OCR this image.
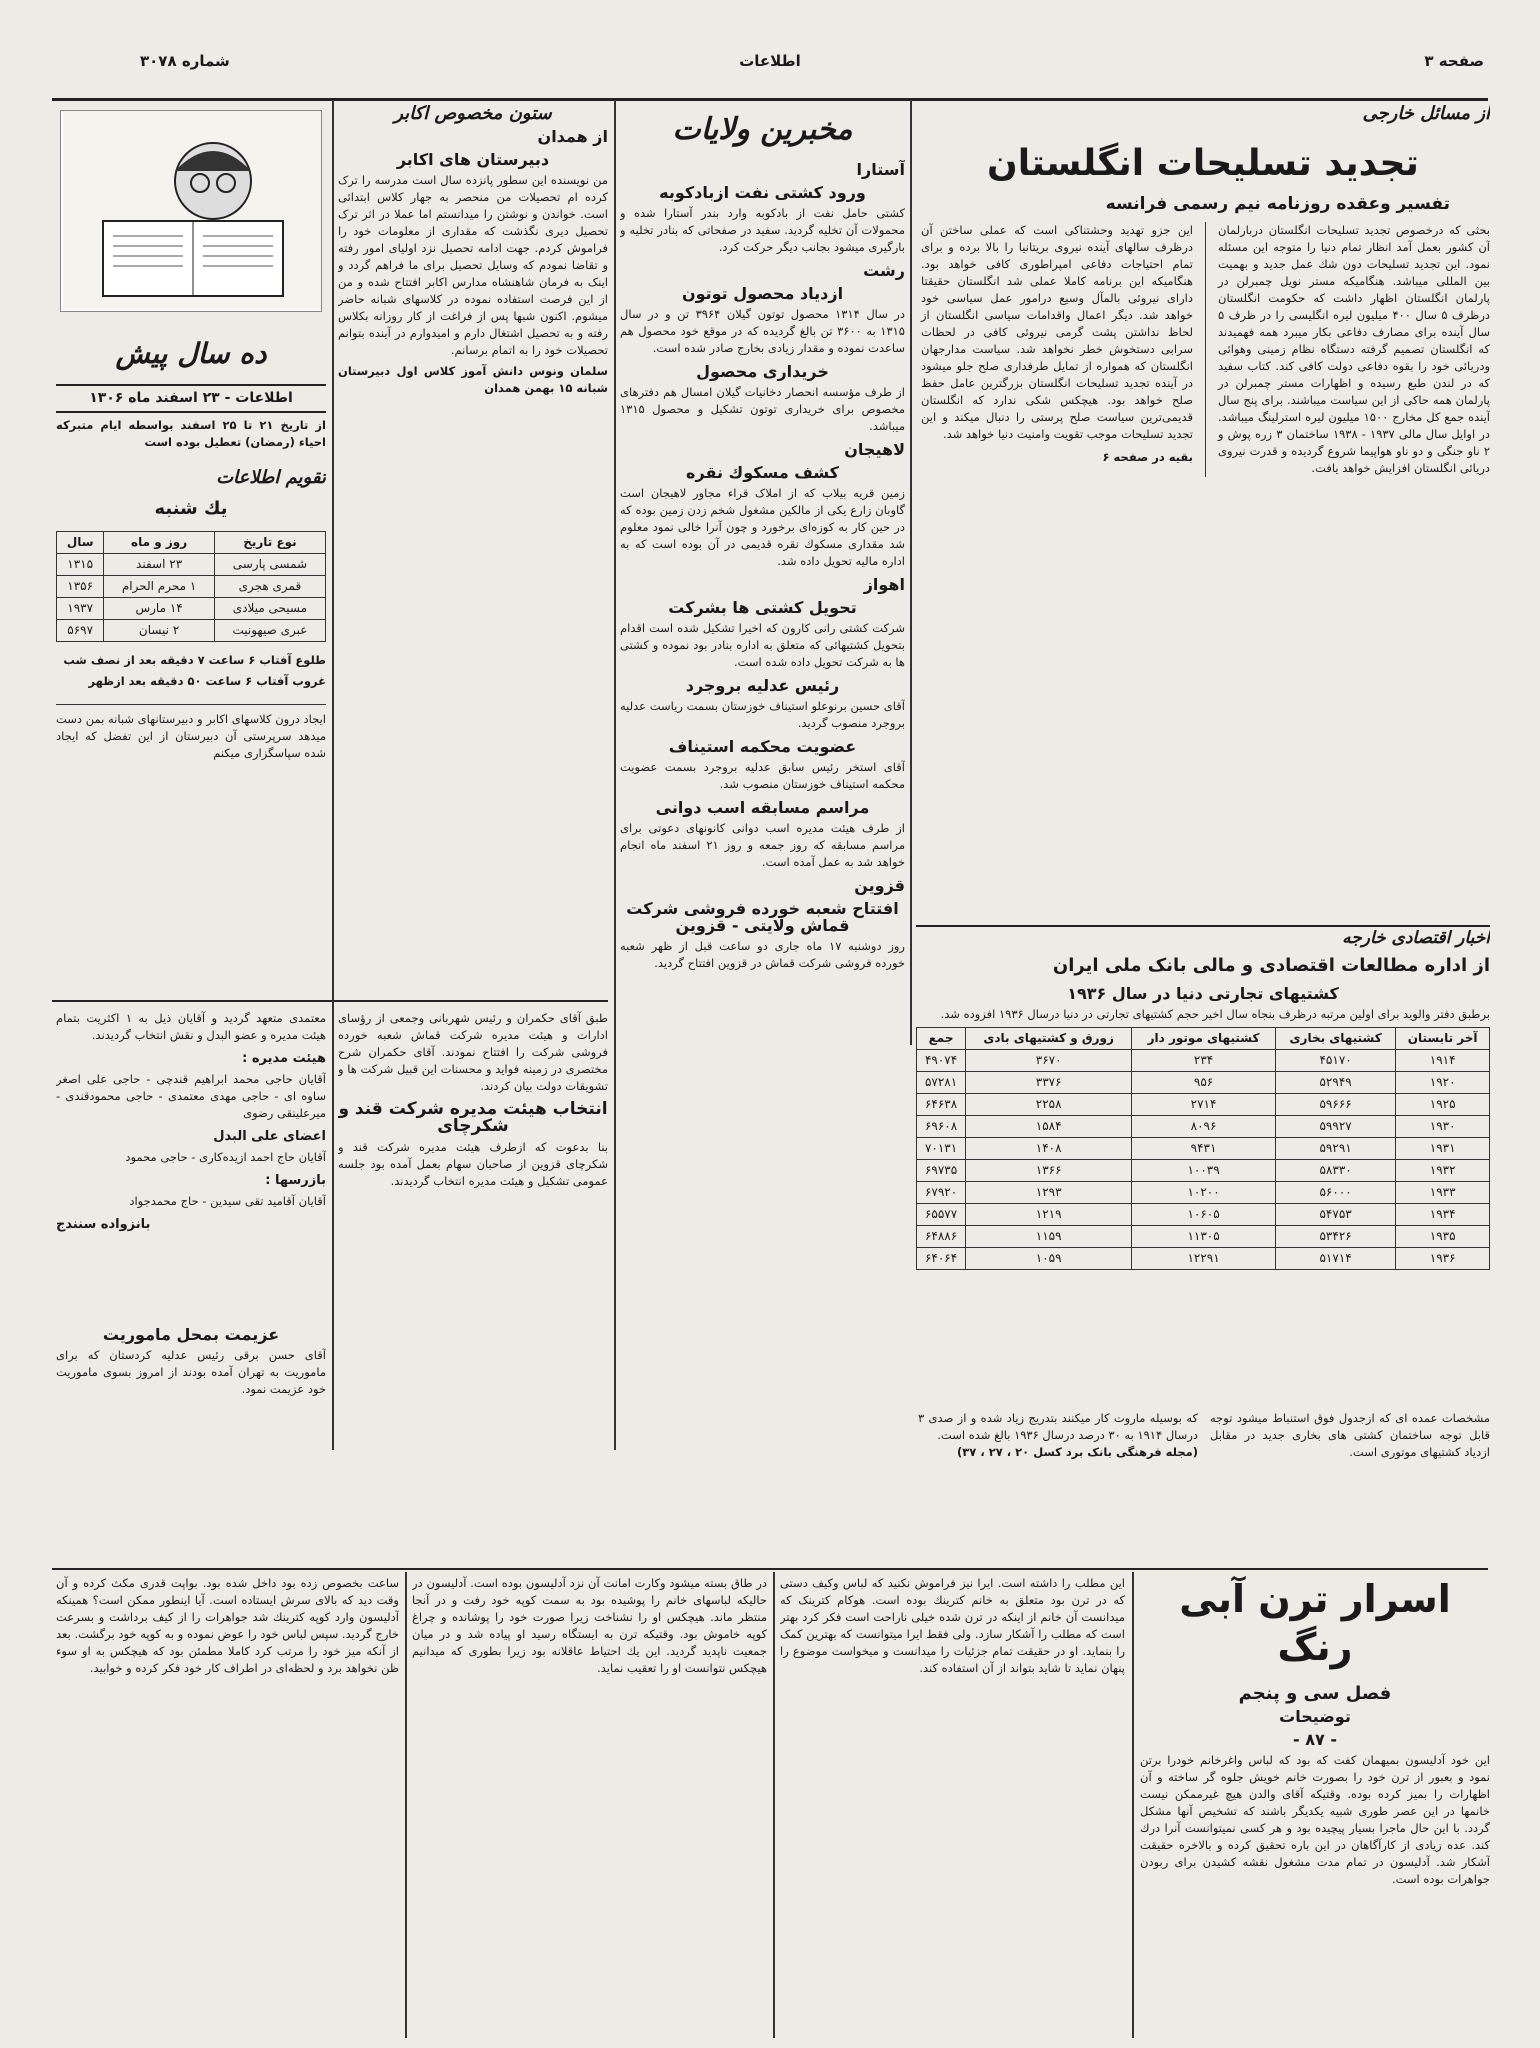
صفحه ۳
اطلاعات
شماره ۳۰۷۸
از مسائل خارجی
تجدید تسلیحات انگلستان
تفسیر وعقده روزنامه نیم رسمی فرانسه
بحثی که درخصوص تجدید تسلیحات انگلستان دربارلمان آن کشور بعمل آمد انظار تمام دنیا را متوجه این مسئله نمود. این تجدید تسلیحات دون شك عمل جدید و بهمیت بین المللی میباشد. هنگامیکه مستر نویل چمبرلن در پارلمان انگلستان اظهار داشت که حکومت انگلستان درظرف ۵ سال ۴۰۰ میلیون لیره انگلیسی را در ظرف ۵ سال آینده برای مصارف دفاعی بکار میبرد همه فهمیدند که انگلستان تصمیم گرفته دستگاه نظام زمینی وهوائی ودریائی خود را بقوه دفاعی دولت کافی کند. کتاب سفید که در لندن طبع رسیده و اظهارات مستر چمبرلن در پارلمان همه حاکی از این سیاست میباشند. برای پنج سال آینده جمع کل مخارج ۱۵۰۰ میلیون لیره استرلینگ میباشد. در اوایل سال مالی ۱۹۳۷ - ۱۹۳۸ ساختمان ۳ زره پوش و ۲ ناو جنگی و دو ناو هواپیما شروع گردیده و قدرت نیروی دریائی انگلستان افزایش خواهد یافت.
این جزو تهدید وحشتناکی است که عملی ساختن آن درظرف سالهای آینده نیروی بریتانیا را بالا برده و برای تمام احتیاجات دفاعی امپراطوری کافی خواهد بود. هنگامیکه این برنامه کاملا عملی شد انگلستان حقیقتا دارای نیروئی بالمآل وسیع درامور عمل سیاسی خود خواهد شد. دیگر اعمال واقدامات سیاسی انگلستان از لحاظ نداشتن پشت گرمی نیروئی کافی در لحظات سرابی دستخوش خطر نخواهد شد. سیاست مدارجهان انگلستان که همواره از تمایل طرفداری صلح جلو میشود در آینده تجدید تسلیحات انگلستان بزرگترین عامل حفظ صلح خواهد بود. هیچکس شکی ندارد که انگلستان قدیمی‌ترین سیاست صلح پرستی را دنبال میکند و این تجدید تسلیحات موجب تقویت وامنیت دنیا خواهد شد.
بقیه در صفحه ۶
مخبرین ولایات
آستارا
ورود کشتی نفت ازبادکوبه
کشتی حامل نفت از بادکوبه وارد بندر آستارا شده و محمولات آن تخلیه گردید. سفید در صفحاتی که بنادر تخلیه و بارگیری میشود بجانب دیگر حرکت کرد.
رشت
ازدیاد محصول توتون
در سال ۱۳۱۴ محصول توتون گیلان ۳۹۶۴ تن و در سال ۱۳۱۵ به ۳۶۰۰ تن بالغ گردیده که در موقع خود محصول هم ساعدت نموده و مقدار زیادی بخارج صادر شده است.
خریداری محصول
از طرف مؤسسه انحصار دخانیات گیلان امسال هم دفترهای مخصوص برای خریداری توتون تشکیل و محصول ۱۳۱۵ میباشد.
لاهیجان
کشف مسکوك نقره
زمین قریه بیلاب که از املاک قراء مجاور لاهیجان است گاوبان زارع یکی از مالکین مشغول شخم زدن زمین بوده که در حین کار به کوزه‌ای برخورد و چون آنرا خالی نمود معلوم شد مقداری مسکوك نقره قدیمی در آن بوده است که به اداره مالیه تحویل داده شد.
اهواز
تحویل کشتی ها بشرکت
شرکت کشتی رانی کارون که اخیرا تشکیل شده است اقدام بتحویل کشتیهائی که متعلق به اداره بنادر بود نموده و کشتی ها به شرکت تحویل داده شده است.
رئیس عدلیه بروجرد
آقای حسین برنوعلو استیناف خوزستان بسمت ریاست عدلیه بروجرد منصوب گردید.
عضویت محکمه استیناف
آقای استخر رئیس سابق عدلیه بروجرد بسمت عضویت محکمه استیناف خوزستان منصوب شد.
مراسم مسابقه اسب دوانی
از طرف هیئت مدیره اسب دوانی کانونهای دعوتی برای مراسم مسابقه که روز جمعه و روز ۲۱ اسفند ماه انجام خواهد شد به عمل آمده است.
قزوین
افتتاح شعبه خورده فروشی شرکت قماش ولایتی - قزوین
روز دوشنبه ۱۷ ماه جاری دو ساعت قبل از ظهر شعبه خورده فروشی شرکت قماش در قزوین افتتاح گردید.
ستون مخصوص اکابر
از همدان
دبیرستان های اکابر
من نویسنده این سطور پانزده سال است مدرسه را ترک کرده ام تحصیلات من منحصر به جهار کلاس ابتدائی است. خواندن و نوشتن را میدانستم اما عملا در اثر ترک تحصیل دیری نگذشت که مقداری از معلومات خود را فراموش کردم. جهت ادامه تحصیل نزد اولیای امور رفته و تقاضا نمودم که وسایل تحصیل برای ما فراهم گردد و اینک به فرمان شاهنشاه مدارس اکابر افتتاح شده و من از این فرصت استفاده نموده در کلاسهای شبانه حاضر میشوم. اکنون شبها پس از فراغت از کار روزانه بکلاس رفته و به تحصیل اشتغال دارم و امیدوارم در آینده بتوانم تحصیلات خود را به اتمام برسانم.
سلمان ونوس دانش آموز کلاس اول دبیرستان شبانه ۱۵ بهمن همدان
ده سال پیش
اطلاعات - ۲۳ اسفند ماه ۱۳۰۶
از تاریخ ۲۱ تا ۲۵ اسفند بواسطه ایام متبرکه احیاء (رمضان) تعطیل بوده است
تقویم اطلاعات
یك شنبه
نوع تاریخ	روز و ماه	سال
شمسی پارسی	۲۳ اسفند	۱۳۱۵
قمری هجری	۱ محرم الحرام	۱۳۵۶
مسیحی میلادی	۱۴ مارس	۱۹۳۷
عبری صیهونیت	۲ نیسان	۵۶۹۷
طلوع آفتاب ۶ ساعت ۷ دقیقه بعد از نصف شب
غروب آفتاب ۶ ساعت ۵۰ دقیقه بعد ازظهر
ایجاد درون کلاسهای اکابر و دبیرستانهای شبانه بمن دست میدهد سرپرستی آن دبیرستان از این تفضل که ایجاد شده سپاسگزاری میکنم
معتمدی متعهد گردید و آقایان ذیل به ۱ اکثریت بتمام هیئت مدیره و عضو البدل و نقش انتخاب گردیدند.
هیئت مدیره :
آقایان حاجی محمد ابراهیم قندچی - حاجی علی اصغر ساوه ای - حاجی مهدی معتمدی - حاجی محمودقندی - میرعلینقی رضوی
اعضای علی البدل
آقایان حاج احمد ازیده‌کاری - حاجی محمود
بازرسها :
آقایان آقامید تقی سیدین - حاج محمدجواد
بانزواده سنندج
عزیمت بمحل ماموریت
آقای حسن برقی رئیس عدلیه کردستان که برای ماموریت به تهران آمده بودند از امروز بسوی ماموریت خود عزیمت نمود.
طبق آقای حکمران و رئیس شهربانی وجمعی از رؤسای ادارات و هیئت مدیره شرکت قماش شعبه خورده فروشی شرکت را افتتاح نمودند. آقای حکمران شرح مختصری در زمینه فواید و محسنات این قبیل شرکت ها و تشویقات دولت بیان کردند.
انتخاب هیئت مدیره شرکت قند و شکرچای
بنا بدعوت که ازطرف هیئت مدیره شرکت قند و شکرچای قزوین از صاحبان سهام بعمل آمده بود جلسه عمومی تشکیل و هیئت مدیره انتخاب گردیدند.
اخبار اقتصادی خارجه
از اداره مطالعات اقتصادی و مالی بانک ملی ایران
کشتیهای تجارتی دنیا در سال ۱۹۳۶
برطبق دفتر والوید برای اولین مرتبه درظرف بنجاه سال اخیر حجم کشتیهای تجارتی در دنیا درسال ۱۹۳۶ افزوده شد.
آخر تابستان	کشتیهای بخاری	کشتیهای موتور دار	زورق و کشتیهای بادی	جمع
۱۹۱۴	۴۵۱۷۰	۲۳۴	۳۶۷۰	۴۹۰۷۴
۱۹۲۰	۵۲۹۴۹	۹۵۶	۳۳۷۶	۵۷۲۸۱
۱۹۲۵	۵۹۶۶۶	۲۷۱۴	۲۲۵۸	۶۴۶۳۸
۱۹۳۰	۵۹۹۲۷	۸۰۹۶	۱۵۸۴	۶۹۶۰۸
۱۹۳۱	۵۹۲۹۱	۹۴۳۱	۱۴۰۸	۷۰۱۳۱
۱۹۳۲	۵۸۳۳۰	۱۰۰۳۹	۱۳۶۶	۶۹۷۳۵
۱۹۳۳	۵۶۰۰۰	۱۰۲۰۰	۱۲۹۳	۶۷۹۲۰
۱۹۳۴	۵۴۷۵۳	۱۰۶۰۵	۱۲۱۹	۶۵۵۷۷
۱۹۳۵	۵۳۴۲۶	۱۱۳۰۵	۱۱۵۹	۶۴۸۸۶
۱۹۳۶	۵۱۷۱۴	۱۲۲۹۱	۱۰۵۹	۶۴۰۶۴
مشخصات عمده ای که ازجدول فوق استنباط میشود توجه قابل توجه ساختمان کشتی های بخاری جدید در مقابل ازدیاد کشتیهای موتوری است.
که بوسیله ماروت کار میکنند بتدریج زیاد شده و از صدی ۳ درسال ۱۹۱۴ به ۳۰ درصد درسال ۱۹۳۶ بالغ شده است.
(مجله فرهنگی بانک برد کسل ۲۰ ، ۲۷ ، ۳۷)
اسرار ترن آبی رنگ
فصل سی و پنجم
توضیحات
- ۸۷ -
این خود آدلیسون بمیهمان کفت که بود که لباس واغرخانم خودرا برتن نمود و بعبور از ترن خود را بصورت خانم خویش جلوه گر ساخته و آن اظهارات را بمیز کرده بوده. وقتیکه آقای والدن هیچ غیرممکن نیست خانمها در این عصر طوری شبیه یکدیگر باشند که تشخیص آنها مشکل گردد. با این حال ماجرا بسیار پیچیده بود و هر کسی نمیتوانست آنرا درك كند. عده زیادی از کارآگاهان در این باره تحقیق کرده و بالاخره حقیقت آشکار شد. آدلیسون در تمام مدت مشغول نقشه کشیدن برای ربودن جواهرات بوده است.
این مطلب را داشته است. ایرا نیز فراموش نکنید که لباس وکیف دستی که در ترن بود متعلق به خانم کترینك بوده است. هوکام کترینک که میدانست آن خانم از اینکه در ترن شده خیلی ناراحت است فکر کرد بهتر است که مطلب را آشکار سازد. ولی فقط ایرا میتوانست که بهترین کمک را بنماید. او در حقیقت تمام جزئیات را میدانست و میخواست موضوع را پنهان نماید تا شاید بتواند از آن استفاده کند.
در طاق بسته میشود وکارت امانت آن نزد آدلیسون بوده است. آدلیسون در حالیکه لباسهای خانم را پوشیده بود به سمت کوپه خود رفت و در آنجا منتظر ماند. هیچکس او را نشناخت زیرا صورت خود را پوشانده و چراغ کوپه خاموش بود. وقتیکه ترن به ایستگاه رسید او پیاده شد و در میان جمعیت ناپدید گردید. این یك احتیاط عاقلانه بود زیرا بطوری که میدانیم هیچکس نتوانست او را تعقیب نماید.
ساعت بخصوص زده بود داخل شده بود. بواپت قدری مکث کرده و آن وقت دید که بالای سرش ایستاده است. آیا اینطور ممکن است؟ همینکه آدلیسون وارد کوپه کترینك شد جواهرات را از کیف برداشت و بسرعت خارج گردید. سپس لباس خود را عوض نموده و به کوپه خود برگشت. بعد از آنکه میز خود را مرتب کرد کاملا مطمئن بود که هیچکس به او سوء ظن نخواهد برد و لحظه‌ای در اطراف کار خود فکر کرده و خوابید.
